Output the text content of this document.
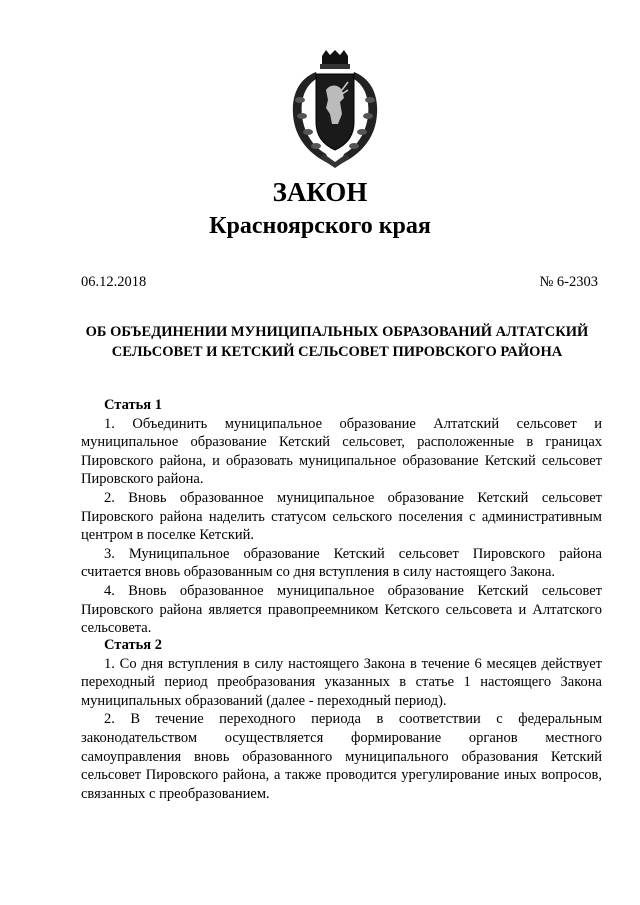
ЗАКОН
Красноярского края
06.12.2018	№ 6-2303
ОБ ОБЪЕДИНЕНИИ МУНИЦИПАЛЬНЫХ ОБРАЗОВАНИЙ АЛТАТСКИЙ
СЕЛЬСОВЕТ И КЕТСКИЙ СЕЛЬСОВЕТ ПИРОВСКОГО РАЙОНА

Статья 1

1. Объединить муниципальное образование Алтатский сельсовет и муниципальное образование Кетский сельсовет, расположенные в границах Пировского района, и образовать муниципальное образование Кетский сельсовет Пировского района.

2. Вновь образованное муниципальное образование Кетский сельсовет Пировского района наделить статусом сельского поселения с административным центром в поселке Кетский.

3. Муниципальное образование Кетский сельсовет Пировского района считается вновь образованным со дня вступления в силу настоящего Закона.

4. Вновь образованное муниципальное образование Кетский сельсовет Пировского района является правопреемником Кетского сельсовета и Алтатского сельсовета.

Статья 2

1. Со дня вступления в силу настоящего Закона в течение 6 месяцев действует переходный период преобразования указанных в статье 1 настоящего Закона муниципальных образований (далее - переходный период).

2. В течение переходного периода в соответствии с федеральным законодательством осуществляется формирование органов местного самоуправления вновь образованного муниципального образования Кетский сельсовет Пировского района, а также проводится урегулирование иных вопросов, связанных с преобразованием.
